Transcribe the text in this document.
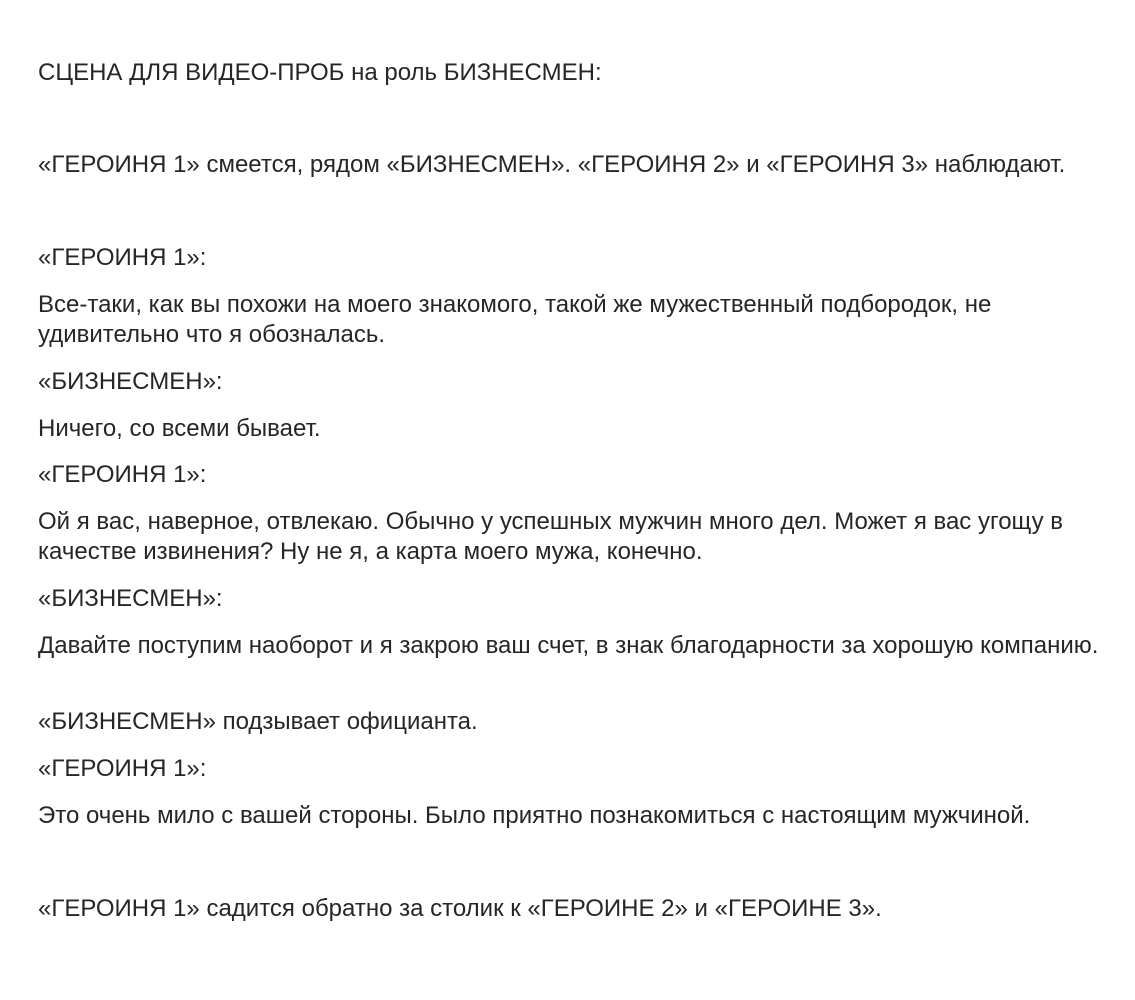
СЦЕНА ДЛЯ ВИДЕО-ПРОБ на роль БИЗНЕСМЕН:
«ГЕРОИНЯ 1» смеется, рядом «БИЗНЕСМЕН». «ГЕРОИНЯ 2» и «ГЕРОИНЯ 3» наблюдают.
«ГЕРОИНЯ 1»:
Все-таки, как вы похожи на моего знакомого, такой же мужественный подбородок, не удивительно что я обозналась.
«БИЗНЕСМЕН»:
Ничего, со всеми бывает.
«ГЕРОИНЯ 1»:
Ой я вас, наверное, отвлекаю. Обычно у успешных мужчин много дел. Может я вас угощу в качестве извинения? Ну не я, а карта моего мужа, конечно.
«БИЗНЕСМЕН»:
Давайте поступим наоборот и я закрою ваш счет, в знак благодарности за хорошую компанию.
«БИЗНЕСМЕН» подзывает официанта.
«ГЕРОИНЯ 1»:
Это очень мило с вашей стороны. Было приятно познакомиться с настоящим мужчиной.
«ГЕРОИНЯ 1» садится обратно за столик к «ГЕРОИНЕ 2» и «ГЕРОИНЕ 3».
